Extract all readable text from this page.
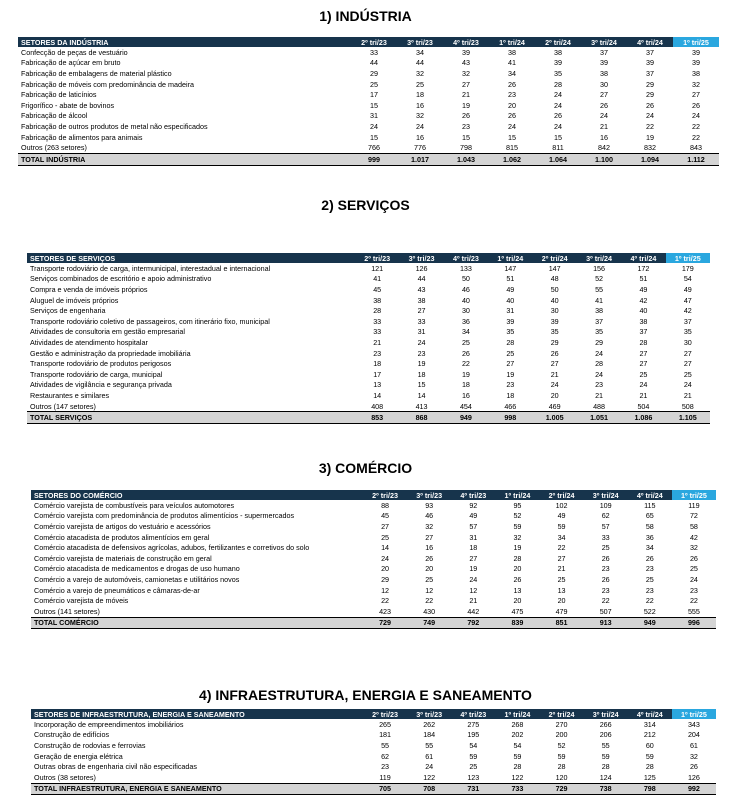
1) INDÚSTRIA
SETORES DA INDÚSTRIA	2º tri/23	3º tri/23	4º tri/23	1º tri/24	2º tri/24	3º tri/24	4º tri/24	1º tri/25
Confecção de peças de vestuário	33	34	39	38	38	37	37	39
Fabricação de açúcar em bruto	44	44	43	41	39	39	39	39
Fabricação de embalagens de material plástico	29	32	32	34	35	38	37	38
Fabricação de móveis com predominância de madeira	25	25	27	26	28	30	29	32
Fabricação de laticínios	17	18	21	23	24	27	29	27
Frigorífico - abate de bovinos	15	16	19	20	24	26	26	26
Fabricação de álcool	31	32	26	26	26	24	24	24
Fabricação de outros produtos de metal não especificados	24	24	23	24	24	21	22	22
Fabricação de alimentos para animais	15	16	15	15	15	16	19	22
Outros (263 setores)	766	776	798	815	811	842	832	843
TOTAL INDÚSTRIA	999	1.017	1.043	1.062	1.064	1.100	1.094	1.112
2) SERVIÇOS
SETORES DE SERVIÇOS	2º tri/23	3º tri/23	4º tri/23	1º tri/24	2º tri/24	3º tri/24	4º tri/24	1º tri/25
Transporte rodoviário de carga, intermunicipal, interestadual e internacional	121	126	133	147	147	156	172	179
Serviços combinados de escritório e apoio administrativo	41	44	50	51	48	52	51	54
Compra e venda de imóveis próprios	45	43	46	49	50	55	49	49
Aluguel de imóveis próprios	38	38	40	40	40	41	42	47
Serviços de engenharia	28	27	30	31	30	38	40	42
Transporte rodoviário coletivo de passageiros, com itinerário fixo, municipal	33	33	36	39	39	37	38	37
Atividades de consultoria em gestão empresarial	33	31	34	35	35	35	37	35
Atividades de atendimento hospitalar	21	24	25	28	29	29	28	30
Gestão e administração da propriedade imobiliária	23	23	26	25	26	24	27	27
Transporte rodoviário de produtos perigosos	18	19	22	27	27	28	27	27
Transporte rodoviário de carga, municipal	17	18	19	19	21	24	25	25
Atividades de vigilância e segurança privada	13	15	18	23	24	23	24	24
Restaurantes e similares	14	14	16	18	20	21	21	21
Outros (147 setores)	408	413	454	466	469	488	504	508
TOTAL SERVIÇOS	853	868	949	998	1.005	1.051	1.086	1.105
3) COMÉRCIO
SETORES DO COMÉRCIO	2º tri/23	3º tri/23	4º tri/23	1º tri/24	2º tri/24	3º tri/24	4º tri/24	1º tri/25
Comércio varejista de combustíveis para veículos automotores	88	93	92	95	102	109	115	119
Comércio varejista com predominância de produtos alimentícios - supermercados	45	46	49	52	49	62	65	72
Comércio varejista de artigos do vestuário e acessórios	27	32	57	59	59	57	58	58
Comércio atacadista de produtos alimentícios em geral	25	27	31	32	34	33	36	42
Comércio atacadista de defensivos agrícolas, adubos, fertilizantes e corretivos do solo	14	16	18	19	22	25	34	32
Comércio varejista de materiais de construção em geral	24	26	27	28	27	26	26	26
Comércio atacadista de medicamentos e drogas de uso humano	20	20	19	20	21	23	23	25
Comércio a varejo de automóveis, camionetas e utilitários novos	29	25	24	26	25	26	25	24
Comércio a varejo de pneumáticos e câmaras-de-ar	12	12	12	13	13	23	23	23
Comércio varejista de móveis	22	22	21	20	20	22	22	22
Outros (141 setores)	423	430	442	475	479	507	522	555
TOTAL COMÉRCIO	729	749	792	839	851	913	949	996
4) INFRAESTRUTURA, ENERGIA E SANEAMENTO
SETORES DE INFRAESTRUTURA, ENERGIA E SANEAMENTO	2º tri/23	3º tri/23	4º tri/23	1º tri/24	2º tri/24	3º tri/24	4º tri/24	1º tri/25
Incorporação de empreendimentos imobiliários	265	262	275	268	270	266	314	343
Construção de edifícios	181	184	195	202	200	206	212	204
Construção de rodovias e ferrovias	55	55	54	54	52	55	60	61
Geração de energia elétrica	62	61	59	59	59	59	59	32
Outras obras de engenharia civil não especificadas	23	24	25	28	28	28	28	26
Outros (38 setores)	119	122	123	122	120	124	125	126
TOTAL INFRAESTRUTURA, ENERGIA E SANEAMENTO	705	708	731	733	729	738	798	992
